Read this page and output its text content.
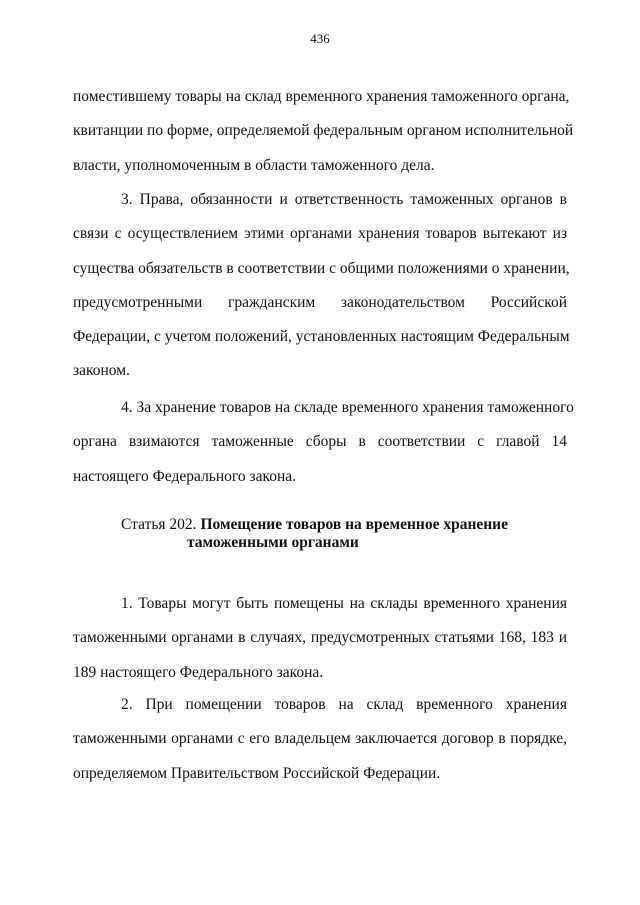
436
поместившему товары на склад временного хранения таможенного органа,
квитанции по форме, определяемой федеральным органом исполнительной
власти, уполномоченным в области таможенного дела.
3. Права, обязанности и ответственность таможенных органов в
связи с осуществлением этими органами хранения товаров вытекают из
существа обязательств в соответствии с общими положениями о хранении,
предусмотренными гражданским законодательством Российской
Федерации, с учетом положений, установленных настоящим Федеральным
законом.
4. За хранение товаров на складе временного хранения таможенного
органа взимаются таможенные сборы в соответствии с главой 14
настоящего Федерального закона.
Статья 202. Помещение товаров на временное хранение
таможенными органами
1. Товары могут быть помещены на склады временного хранения
таможенными органами в случаях, предусмотренных статьями 168, 183 и
189 настоящего Федерального закона.
2. При помещении товаров на склад временного хранения
таможенными органами с его владельцем заключается договор в порядке,
определяемом Правительством Российской Федерации.
